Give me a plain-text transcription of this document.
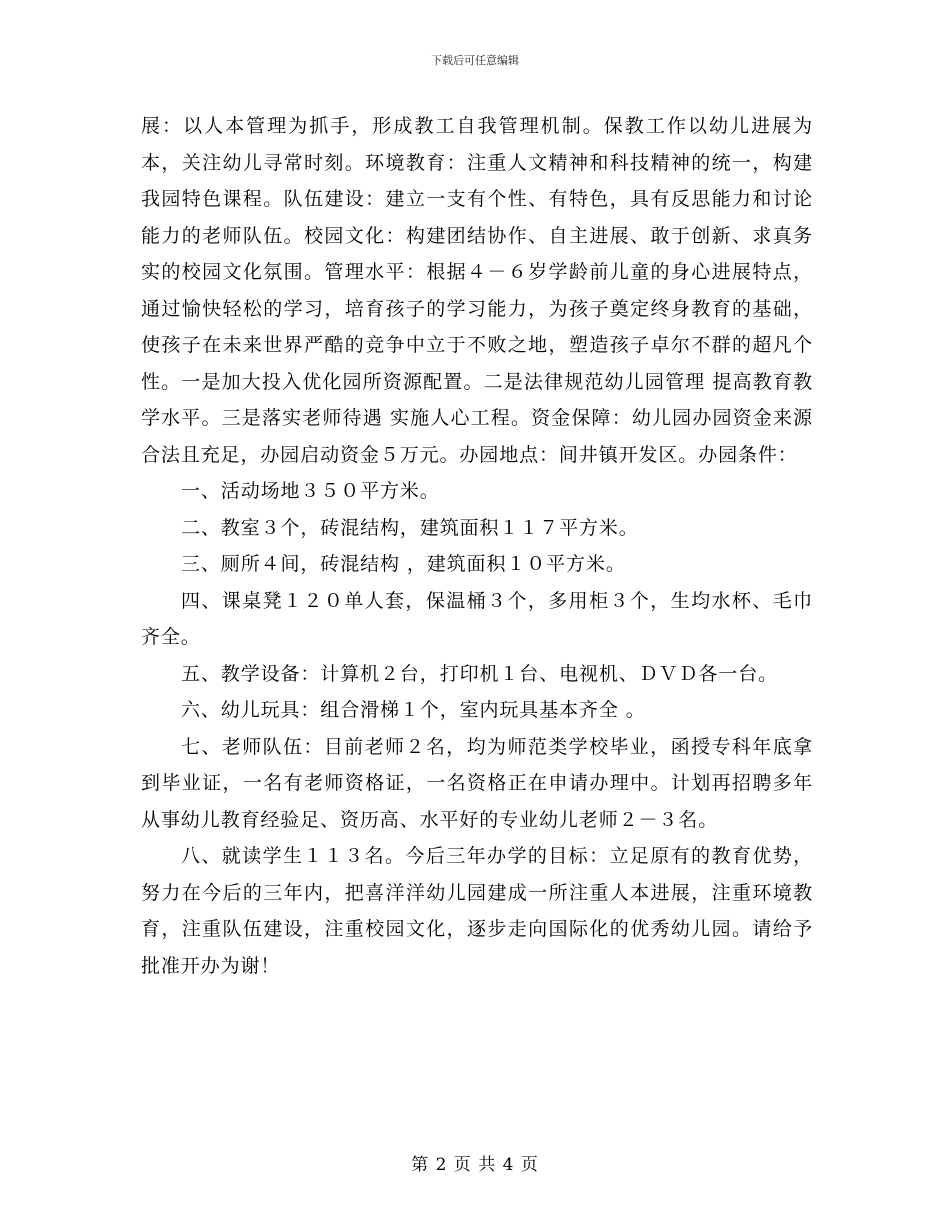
下载后可任意编辑

展：以人本管理为抓手，形成教工自我管理机制。保教工作以幼儿进展为本，关注幼儿寻常时刻。环境教育：注重人文精神和科技精神的统一，构建我园特色课程。队伍建设：建立一支有个性、有特色，具有反思能力和讨论能力的老师队伍。校园文化：构建团结协作、自主进展、敢于创新、求真务实的校园文化氛围。管理水平：根据４－６岁学龄前儿童的身心进展特点，通过愉快轻松的学习，培育孩子的学习能力，为孩子奠定终身教育的基础，使孩子在未来世界严酷的竞争中立于不败之地，塑造孩子卓尔不群的超凡个性。一是加大投入优化园所资源配置。二是法律规范幼儿园管理 提高教育教学水平。三是落实老师待遇 实施人心工程。资金保障：幼儿园办园资金来源合法且充足，办园启动资金５万元。办园地点：间井镇开发区。办园条件：

一、活动场地３５０平方米。

二、教室３个，砖混结构，建筑面积１１７平方米。

三、厕所４间，砖混结构 ，建筑面积１０平方米。

四、课桌凳１２０单人套，保温桶３个，多用柜３个，生均水杯、毛巾齐全。

五、教学设备：计算机２台，打印机１台、电视机、ＤＶＤ各一台。

六、幼儿玩具：组合滑梯１个，室内玩具基本齐全 。

七、老师队伍：目前老师２名，均为师范类学校毕业，函授专科年底拿到毕业证，一名有老师资格证，一名资格正在申请办理中。计划再招聘多年从事幼儿教育经验足、资历高、水平好的专业幼儿老师２－３名。

八、就读学生１１３名。今后三年办学的目标：立足原有的教育优势，努力在今后的三年内，把喜洋洋幼儿园建成一所注重人本进展，注重环境教育，注重队伍建设，注重校园文化，逐步走向国际化的优秀幼儿园。请给予批准开办为谢！

第 2 页 共 4 页
